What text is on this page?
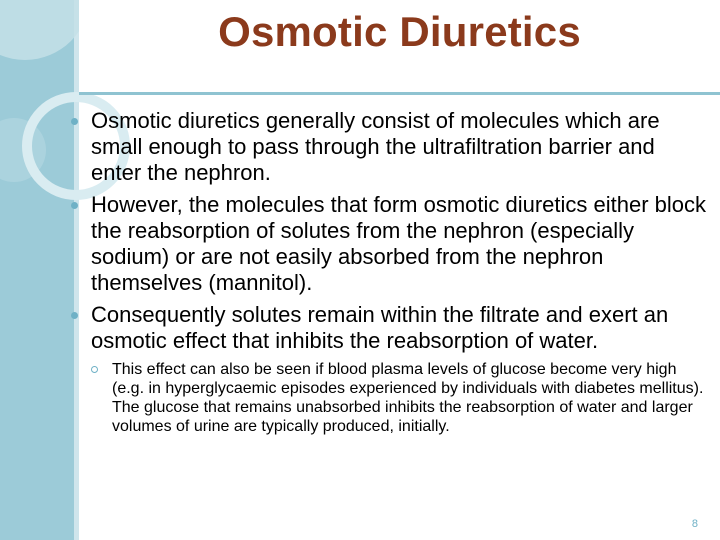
Osmotic Diuretics

Osmotic diuretics generally consist of molecules which are small enough to pass through the ultrafiltration barrier and enter the nephron.

However, the molecules that form osmotic diuretics either block the reabsorption of solutes from the nephron (especially sodium) or are not easily absorbed from the nephron themselves (mannitol).

Consequently solutes remain within the filtrate and exert an osmotic effect that inhibits the reabsorption of water.

This effect can also be seen if blood plasma levels of glucose become very high (e.g. in hyperglycaemic episodes experienced by individuals with diabetes mellitus). The glucose that remains unabsorbed inhibits the reabsorption of water and larger volumes of urine are typically produced, initially.

8
